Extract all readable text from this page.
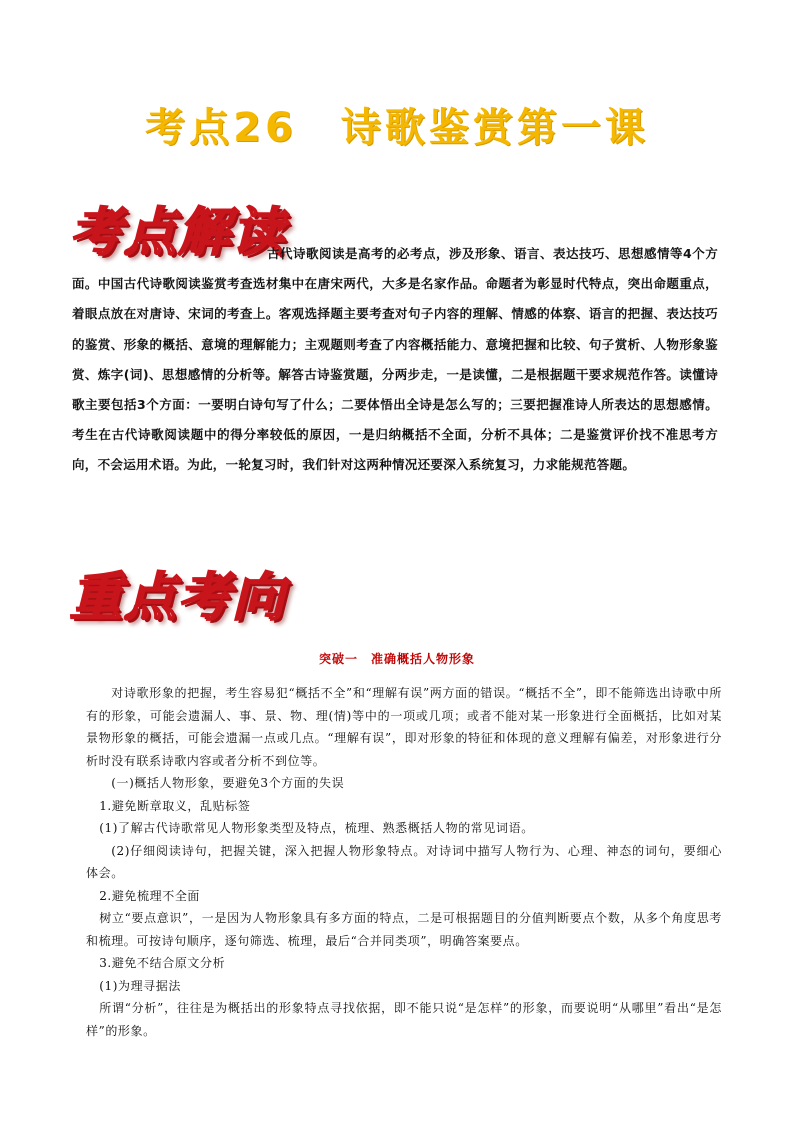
考点26　诗歌鉴赏第一课
考点解读
古代诗歌阅读是高考的必考点，涉及形象、语言、表达技巧、思想感情等4个方面。中国古代诗歌阅读鉴赏考查选材集中在唐宋两代，大多是名家作品。命题者为彰显时代特点，突出命题重点，着眼点放在对唐诗、宋词的考查上。客观选择题主要考查对句子内容的理解、情感的体察、语言的把握、表达技巧的鉴赏、形象的概括、意境的理解能力；主观题则考查了内容概括能力、意境把握和比较、句子赏析、人物形象鉴赏、炼字(词)、思想感情的分析等。解答古诗鉴赏题，分两步走，一是读懂，二是根据题干要求规范作答。读懂诗歌主要包括3个方面：一要明白诗句写了什么；二要体悟出全诗是怎么写的；三要把握准诗人所表达的思想感情。考生在古代诗歌阅读题中的得分率较低的原因，一是归纳概括不全面，分析不具体；二是鉴赏评价找不准思考方向，不会运用术语。为此，一轮复习时，我们针对这两种情况还要深入系统复习，力求能规范答题。
重点考向
突破一　准确概括人物形象

对诗歌形象的把握，考生容易犯“概括不全”和“理解有误”两方面的错误。“概括不全”，即不能筛选出诗歌中所有的形象，可能会遗漏人、事、景、物、理(情)等中的一项或几项；或者不能对某一形象进行全面概括，比如对某景物形象的概括，可能会遗漏一点或几点。“理解有误”，即对形象的特征和体现的意义理解有偏差，对形象进行分析时没有联系诗歌内容或者分析不到位等。

(一)概括人物形象，要避免3个方面的失误

1.避免断章取义，乱贴标签

(1)了解古代诗歌常见人物形象类型及特点，梳理、熟悉概括人物的常见词语。

(2)仔细阅读诗句，把握关键，深入把握人物形象特点。对诗词中描写人物行为、心理、神态的词句，要细心体会。

2.避免梳理不全面

树立“要点意识”，一是因为人物形象具有多方面的特点，二是可根据题目的分值判断要点个数，从多个角度思考和梳理。可按诗句顺序，逐句筛选、梳理，最后“合并同类项”，明确答案要点。

3.避免不结合原文分析

(1)为理寻据法

所谓“分析”，往往是为概括出的形象特点寻找依据，即不能只说“是怎样”的形象，而要说明“从哪里”看出“是怎样”的形象。
